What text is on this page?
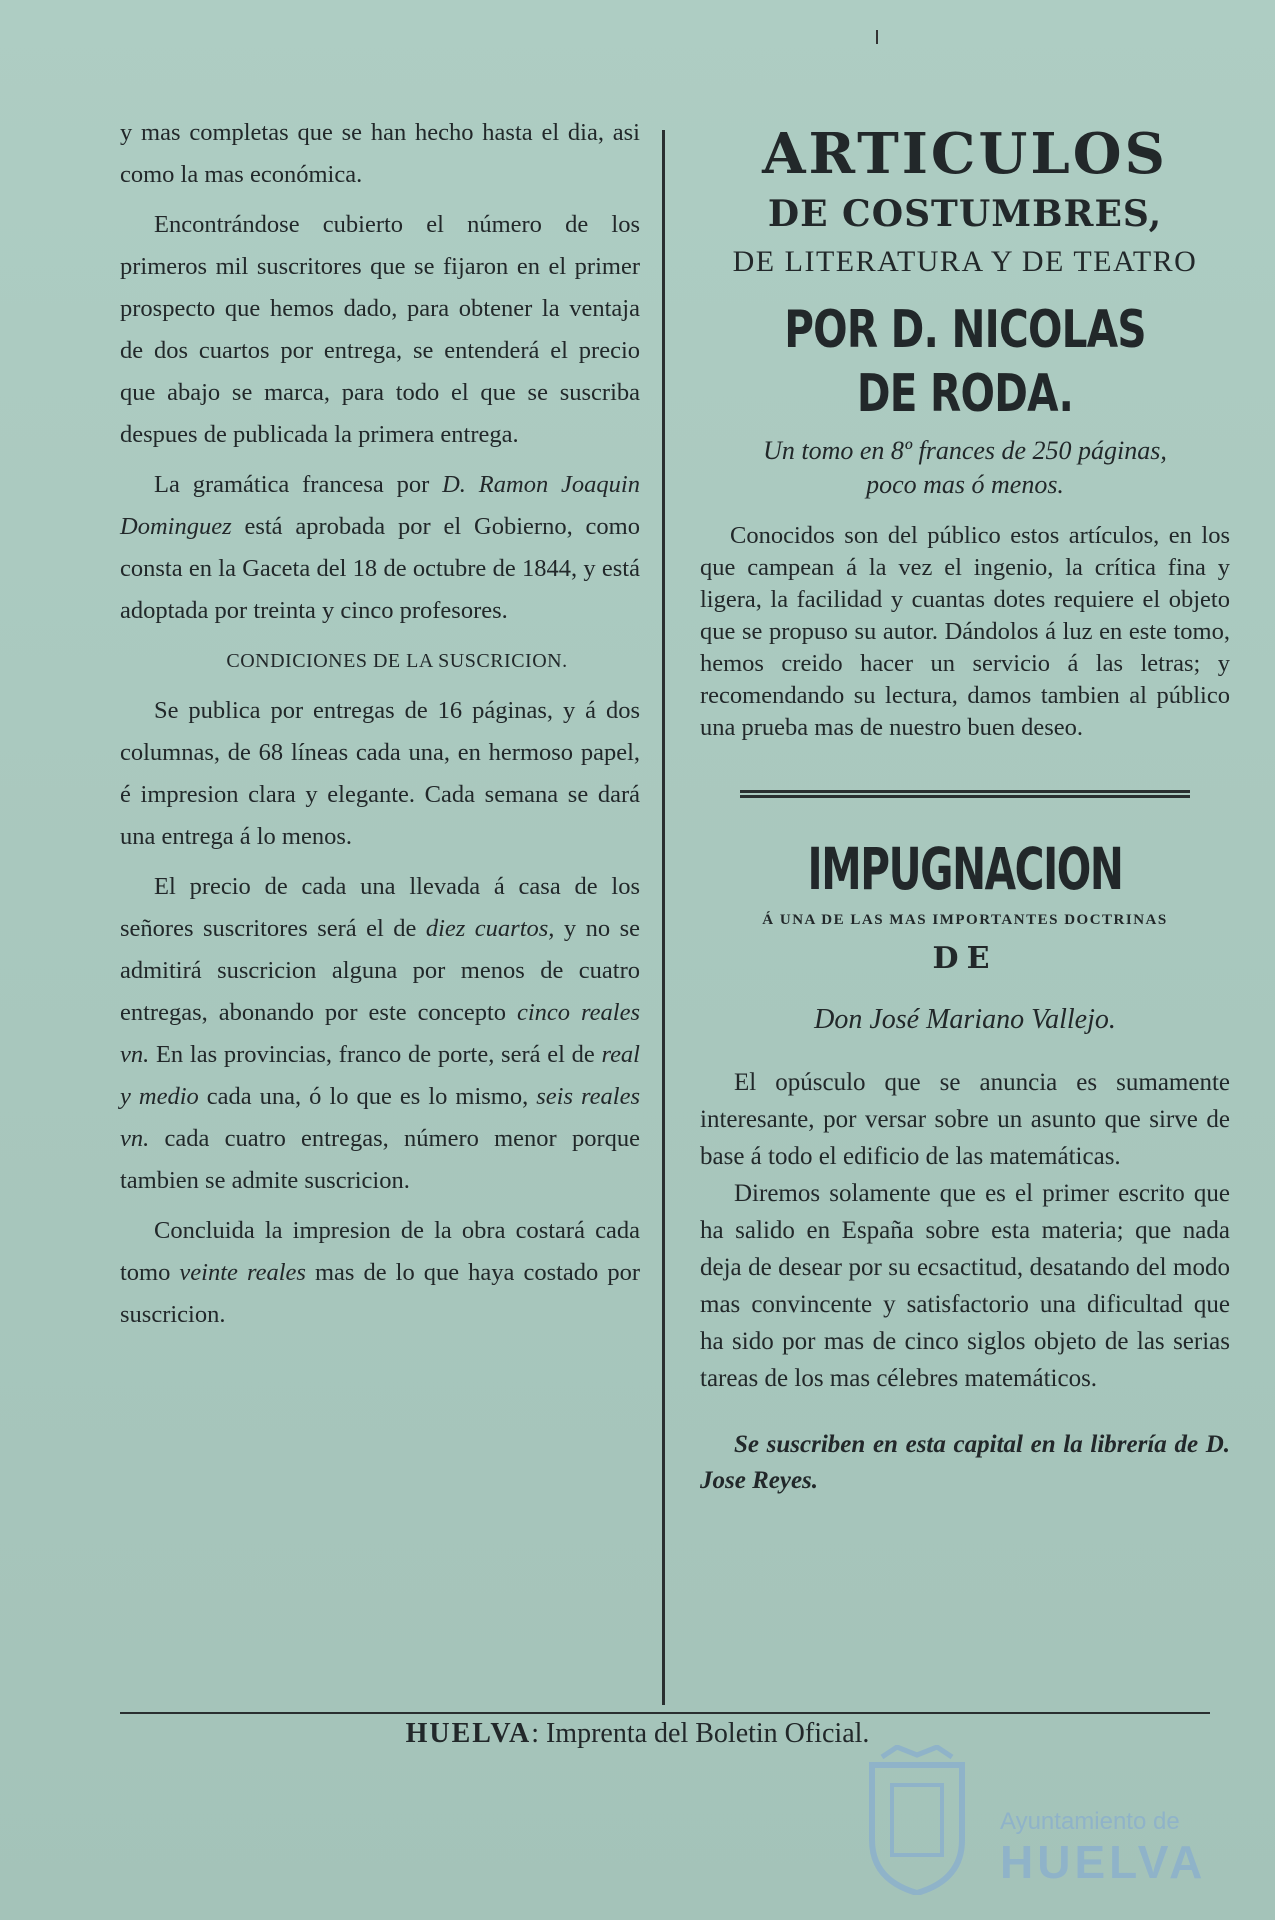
y mas completas que se han hecho hasta el dia, asi como la mas económica.

Encontrándose cubierto el número de los primeros mil suscritores que se fijaron en el primer prospecto que hemos dado, para obtener la ventaja de dos cuartos por entrega, se entenderá el precio que abajo se marca, para todo el que se suscriba despues de publicada la primera entrega.

La gramática francesa por D. Ramon Joaquin Dominguez está aprobada por el Gobierno, como consta en la Gaceta del 18 de octubre de 1844, y está adoptada por treinta y cinco profesores.

CONDICIONES DE LA SUSCRICION.

Se publica por entregas de 16 páginas, y á dos columnas, de 68 líneas cada una, en hermoso papel, é impresion clara y elegante. Cada semana se dará una entrega á lo menos.

El precio de cada una llevada á casa de los señores suscritores será el de diez cuartos, y no se admitirá suscricion alguna por menos de cuatro entregas, abonando por este concepto cinco reales vn. En las provincias, franco de porte, será el de real y medio cada una, ó lo que es lo mismo, seis reales vn. cada cuatro entregas, número menor porque tambien se admite suscricion.

Concluida la impresion de la obra costará cada tomo veinte reales mas de lo que haya costado por suscricion.

ARTICULOS
DE COSTUMBRES,
DE LITERATURA Y DE TEATRO
POR D. NICOLAS DE RODA.
Un tomo en 8º frances de 250 páginas,
poco mas ó menos.

Conocidos son del público estos artículos, en los que campean á la vez el ingenio, la crítica fina y ligera, la facilidad y cuantas dotes requiere el objeto que se propuso su autor. Dándolos á luz en este tomo, hemos creido hacer un servicio á las letras; y recomendando su lectura, damos tambien al público una prueba mas de nuestro buen deseo.

IMPUGNACION
Á UNA DE LAS MAS IMPORTANTES DOCTRINAS
DE
Don José Mariano Vallejo.

El opúsculo que se anuncia es sumamente interesante, por versar sobre un asunto que sirve de base á todo el edificio de las matemáticas.

Diremos solamente que es el primer escrito que ha salido en España sobre esta materia; que nada deja de desear por su ecsactitud, desatando del modo mas convincente y satisfactorio una dificultad que ha sido por mas de cinco siglos objeto de las serias tareas de los mas célebres matemáticos.

Se suscriben en esta capital en la librería de D. Jose Reyes.

HUELVA: Imprenta del Boletin Oficial.
Ayuntamiento de
HUELVA
